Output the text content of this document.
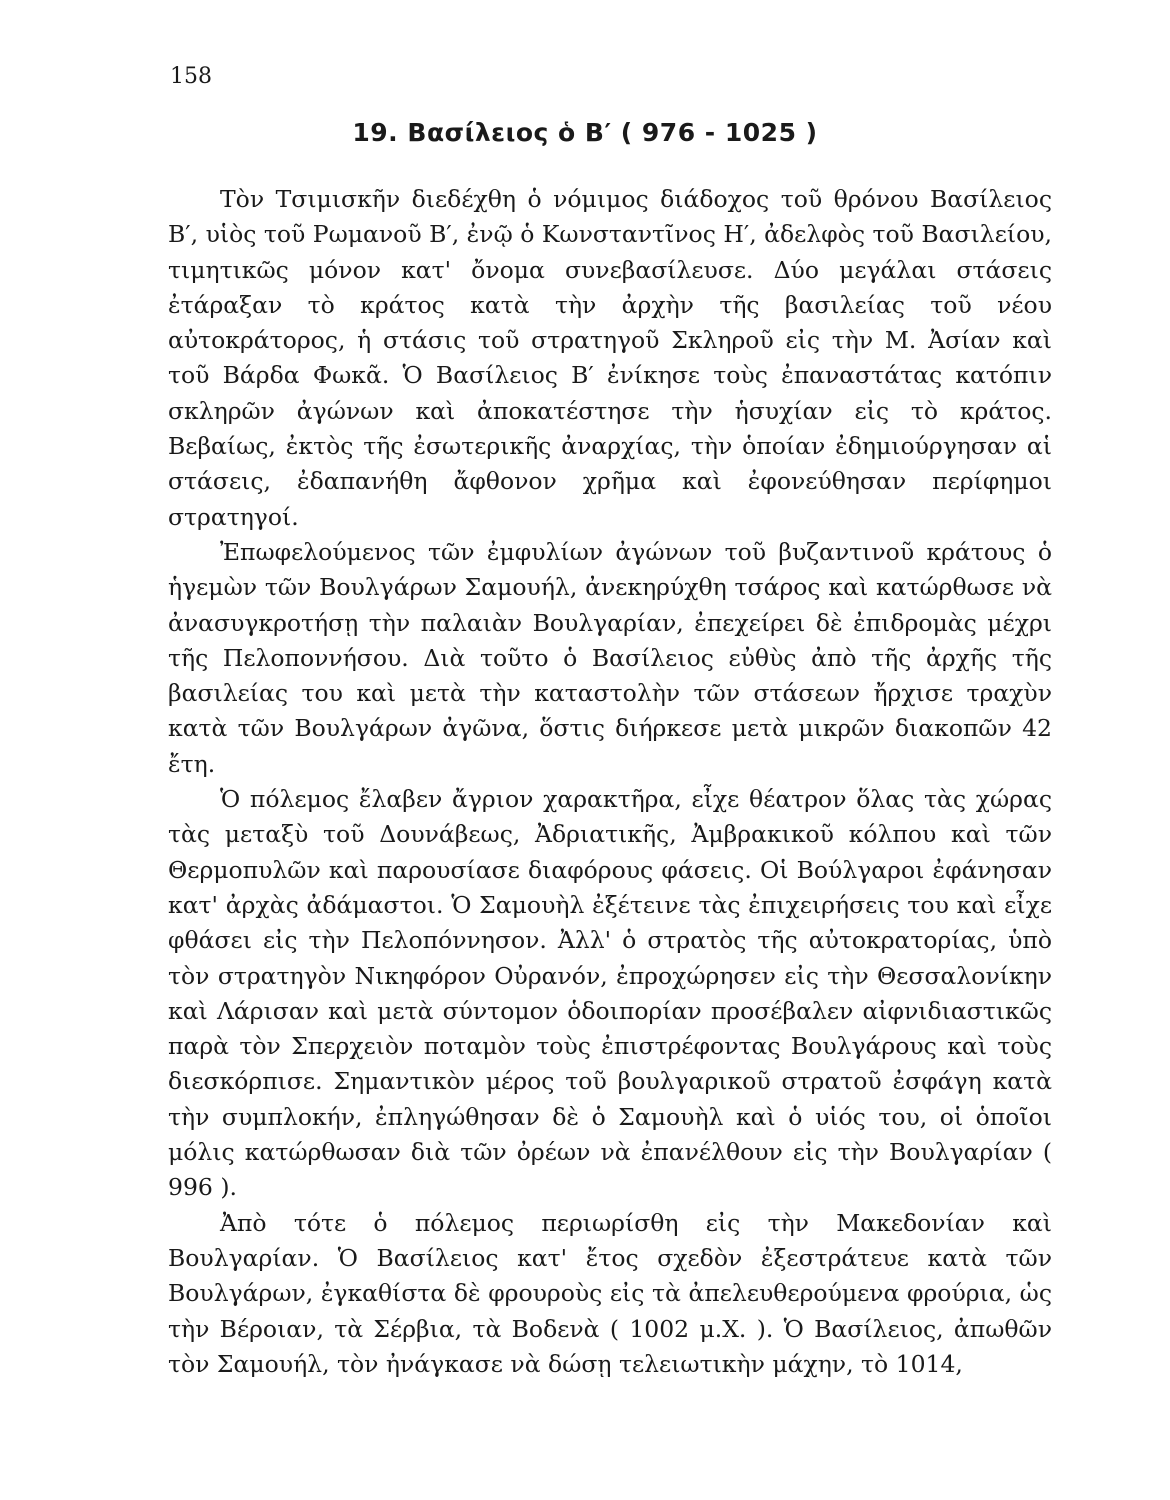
158
19. Βασίλειος ὁ Β′ ( 976 - 1025 )

Τὸν Τσιμισκῆν διεδέχθη ὁ νόμιμος διάδοχος τοῦ θρόνου Βασίλειος Β′, υἱὸς τοῦ Ρωμανοῦ Β′, ἐνῷ ὁ Κωνσταντῖνος Η′, ἀδελφὸς τοῦ Βασιλείου, τιμητικῶς μόνον κατ' ὄνομα συνεβασίλευσε. Δύο μεγάλαι στάσεις ἐτάραξαν τὸ κράτος κατὰ τὴν ἀρχὴν τῆς βασιλείας τοῦ νέου αὐτοκράτορος, ἡ στάσις τοῦ στρατηγοῦ Σκληροῦ εἰς τὴν Μ. Ἀσίαν καὶ τοῦ Βάρδα Φωκᾶ. Ὁ Βασίλειος Β′ ἐνίκησε τοὺς ἐπαναστάτας κατόπιν σκληρῶν ἀγώνων καὶ ἀποκατέστησε τὴν ἡσυχίαν εἰς τὸ κράτος. Βεβαίως, ἐκτὸς τῆς ἐσωτερικῆς ἀναρχίας, τὴν ὁποίαν ἐδημιούργησαν αἱ στάσεις, ἐδαπανήθη ἄφθονον χρῆμα καὶ ἐφονεύθησαν περίφημοι στρατηγοί.

Ἐπωφελούμενος τῶν ἐμφυλίων ἀγώνων τοῦ βυζαντινοῦ κράτους ὁ ἡγεμὼν τῶν Βουλγάρων Σαμουήλ, ἀνεκηρύχθη τσάρος καὶ κατώρθωσε νὰ ἀνασυγκροτήσῃ τὴν παλαιὰν Βουλγαρίαν, ἐπεχείρει δὲ ἐπιδρομὰς μέχρι τῆς Πελοποννήσου. Διὰ τοῦτο ὁ Βασίλειος εὐθὺς ἀπὸ τῆς ἀρχῆς τῆς βασιλείας του καὶ μετὰ τὴν καταστολὴν τῶν στάσεων ἤρχισε τραχὺν κατὰ τῶν Βουλγάρων ἀγῶνα, ὅστις διήρκεσε μετὰ μικρῶν διακοπῶν 42 ἔτη.

Ὁ πόλεμος ἔλαβεν ἄγριον χαρακτῆρα, εἶχε θέατρον ὅλας τὰς χώρας τὰς μεταξὺ τοῦ Δουνάβεως, Ἀδριατικῆς, Ἀμβρακικοῦ κόλπου καὶ τῶν Θερμοπυλῶν καὶ παρουσίασε διαφόρους φάσεις. Οἱ Βούλγαροι ἐφάνησαν κατ' ἀρχὰς ἀδάμαστοι. Ὁ Σαμουὴλ ἐξέτεινε τὰς ἐπιχειρήσεις του καὶ εἶχε φθάσει εἰς τὴν Πελοπόννησον. Ἀλλ' ὁ στρατὸς τῆς αὐτοκρατορίας, ὑπὸ τὸν στρατηγὸν Νικηφόρον Οὐρανόν, ἐπροχώρησεν εἰς τὴν Θεσσαλονίκην καὶ Λάρισαν καὶ μετὰ σύντομον ὁδοιπορίαν προσέβαλεν αἰφνιδιαστικῶς παρὰ τὸν Σπερχειὸν ποταμὸν τοὺς ἐπιστρέφοντας Βουλγάρους καὶ τοὺς διεσκόρπισε. Σημαντικὸν μέρος τοῦ βουλγαρικοῦ στρατοῦ ἐσφάγη κατὰ τὴν συμπλοκήν, ἐπληγώθησαν δὲ ὁ Σαμουὴλ καὶ ὁ υἱός του, οἱ ὁποῖοι μόλις κατώρθωσαν διὰ τῶν ὀρέων νὰ ἐπανέλθουν εἰς τὴν Βουλγαρίαν ( 996 ).

Ἀπὸ τότε ὁ πόλεμος περιωρίσθη εἰς τὴν Μακεδονίαν καὶ Βουλγαρίαν. Ὁ Βασίλειος κατ' ἔτος σχεδὸν ἐξεστράτευε κατὰ τῶν Βουλγάρων, ἐγκαθίστα δὲ φρουροὺς εἰς τὰ ἀπελευθερούμενα φρούρια, ὡς τὴν Βέροιαν, τὰ Σέρβια, τὰ Βοδενὰ ( 1002 μ.Χ. ). Ὁ Βασίλειος, ἀπωθῶν τὸν Σαμουήλ, τὸν ἠνάγκασε νὰ δώσῃ τελειωτικὴν μάχην, τὸ 1014,
